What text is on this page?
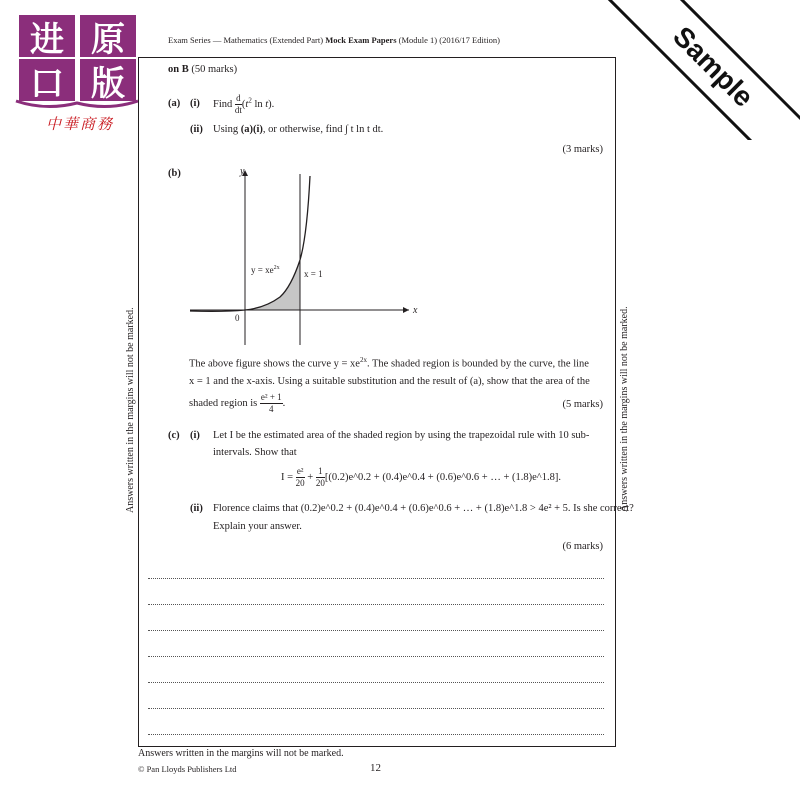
进 原
口 版
中華商務
Sample
Exam Series — Mathematics (Extended Part) Mock Exam Papers (Module 1) (2016/17 Edition)
on B (50 marks)
(a) (i) Find $\frac{d}{dt} (t^2$ ln t).
(ii) Using (a)(i), or otherwise, find ∫ t ln t dt.
(3 marks)
(b)	y
x
0
$y = xe^{2x}$
x = 1
The above figure shows the curve $y = xe^{2x}$. The shaded region is bounded by the curve, the line
x = 1 and the x-axis. Using a suitable substitution and the result of (a), show that the area of the
shaded region is $\frac{\text{e² + 1}}{4}$ .	(5 marks)
(c) (i) Let I be the estimated area of the shaded region by using the trapezoidal rule with 10 sub-
intervals. Show that
$I = \frac{\text{e²}}{20} + \frac{1}{20}$ [(0.2)e^0.2 + (0.4)e^0.4 + (0.6)e^0.6 + … + (1.8)e^1.8].
(ii) Florence claims that (0.2)e^0.2 + (0.4)e^0.4 + (0.6)e^0.6 + … + (1.8)e^1.8 > 4e² + 5. Is she correct?
Explain your answer.
(6 marks)
Answers written in the margins will not be marked.	Answers written in the margins will not be marked.
Answers written in the margins will not be marked.
© Pan Lloyds Publishers Ltd	12
